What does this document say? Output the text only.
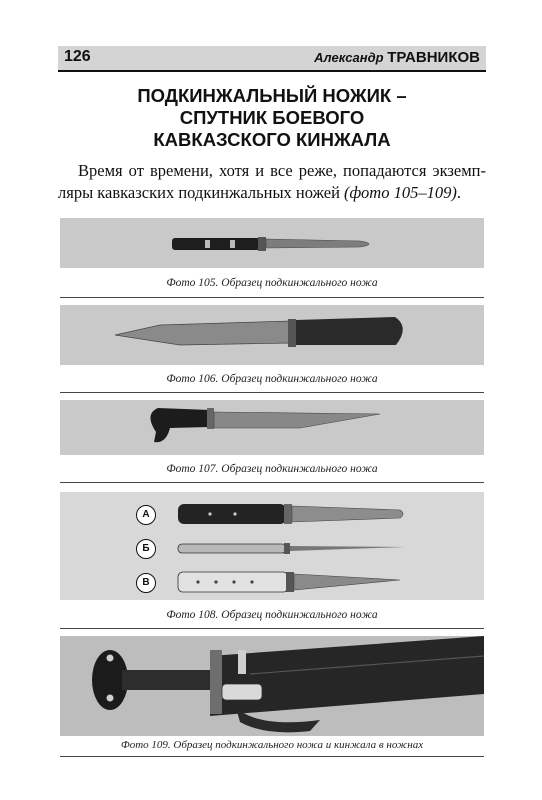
126	Александр ТРАВНИКОВ
ПОДКИНЖАЛЬНЫЙ НОЖИК –
СПУТНИК БОЕВОГО
КАВКАЗСКОГО КИНЖАЛА
Время от времени, хотя и все реже, попадаются экземп-
ляры кавказских подкинжальных ножей (фото 105–109).
Фото 105. Образец подкинжального ножа
Фото 106. Образец подкинжального ножа
Фото 107. Образец подкинжального ножа
А
Б
В
Фото 108. Образец подкинжального ножа
Фото 109. Образец подкинжального ножа и кинжала в ножнах
